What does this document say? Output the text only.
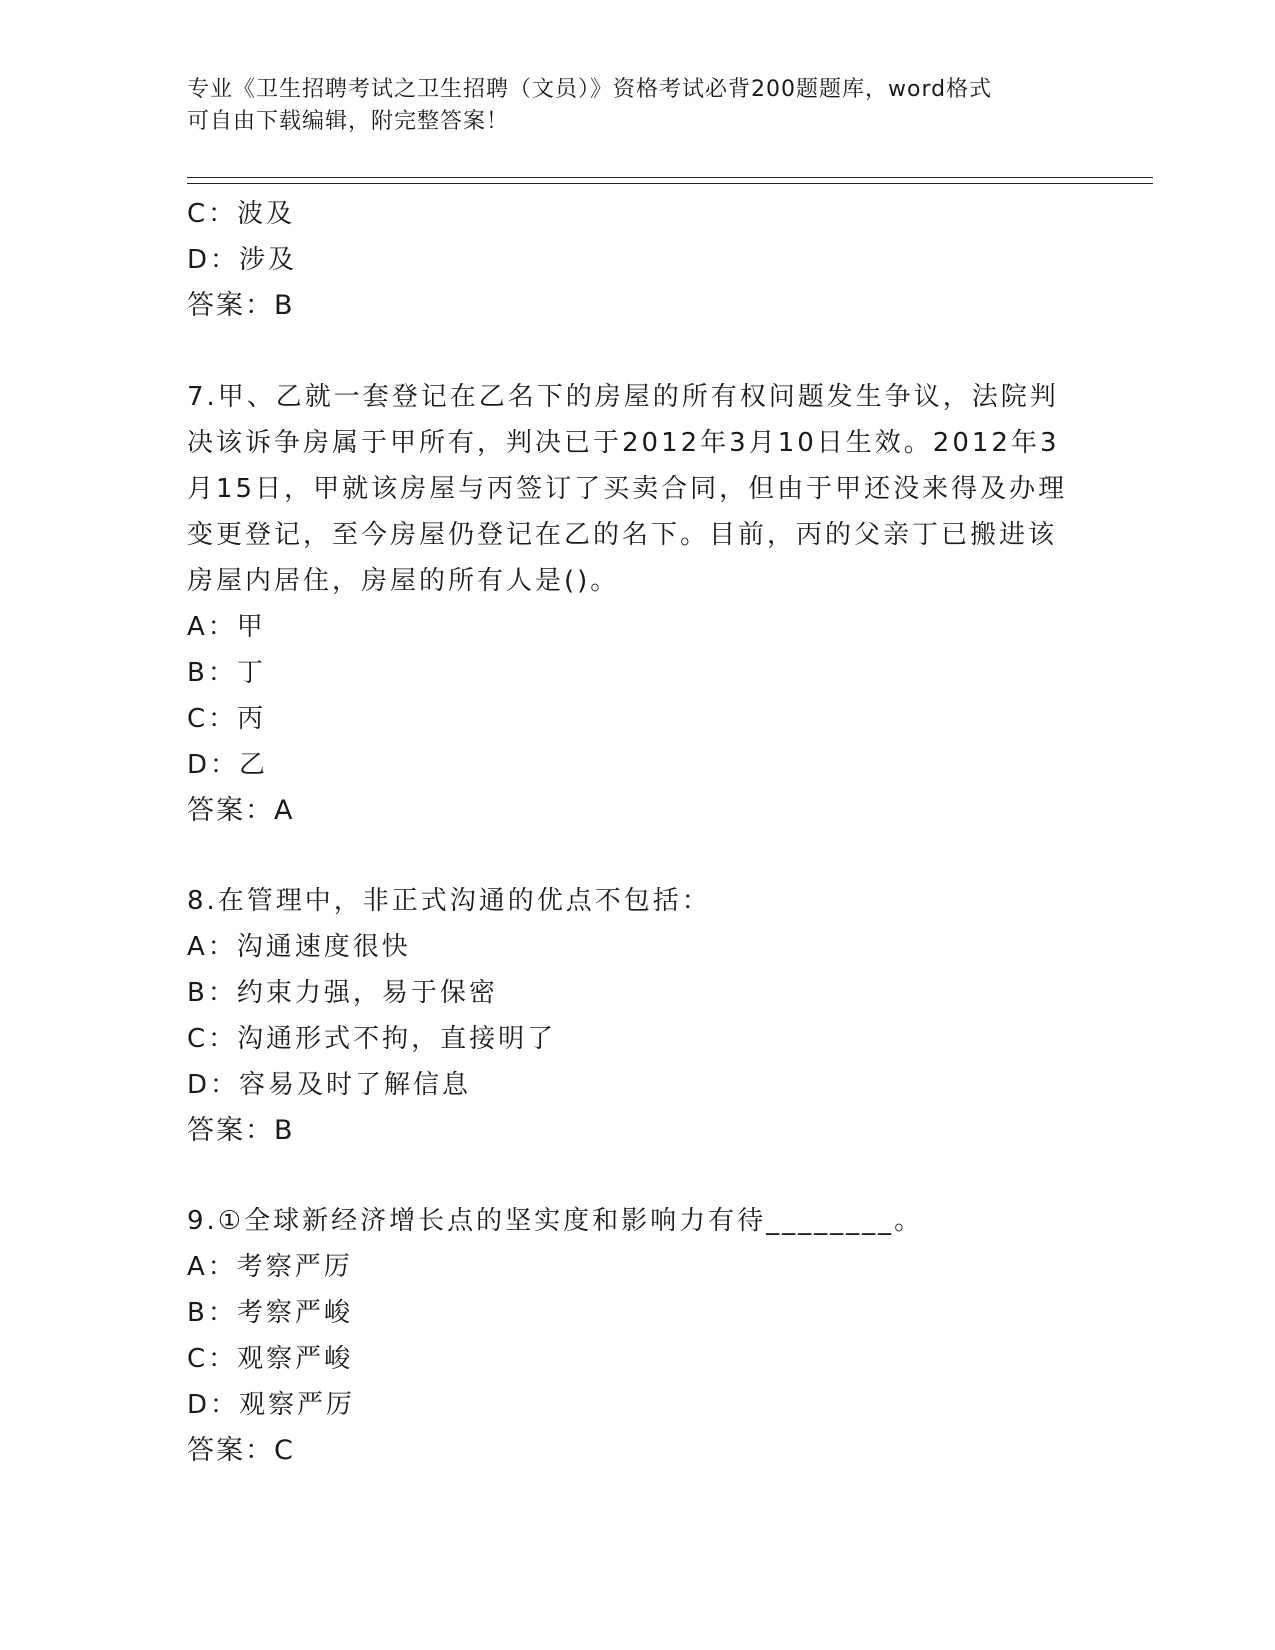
专业《卫生招聘考试之卫生招聘（文员）》资格考试必背200题题库，word格式
可自由下载编辑，附完整答案！
C：波及
D：涉及
答案：B
7.甲、乙就一套登记在乙名下的房屋的所有权问题发生争议，法院判
决该诉争房属于甲所有，判决已于2012年3月10日生效。2012年3
月15日，甲就该房屋与丙签订了买卖合同，但由于甲还没来得及办理
变更登记，至今房屋仍登记在乙的名下。目前，丙的父亲丁已搬进该
房屋内居住，房屋的所有人是()。
A：甲
B：丁
C：丙
D：乙
答案：A
8.在管理中，非正式沟通的优点不包括：
A：沟通速度很快
B：约束力强，易于保密
C：沟通形式不拘，直接明了
D：容易及时了解信息
答案：B
9.①全球新经济增长点的坚实度和影响力有待________。
A：考察严厉
B：考察严峻
C：观察严峻
D：观察严厉
答案：C
